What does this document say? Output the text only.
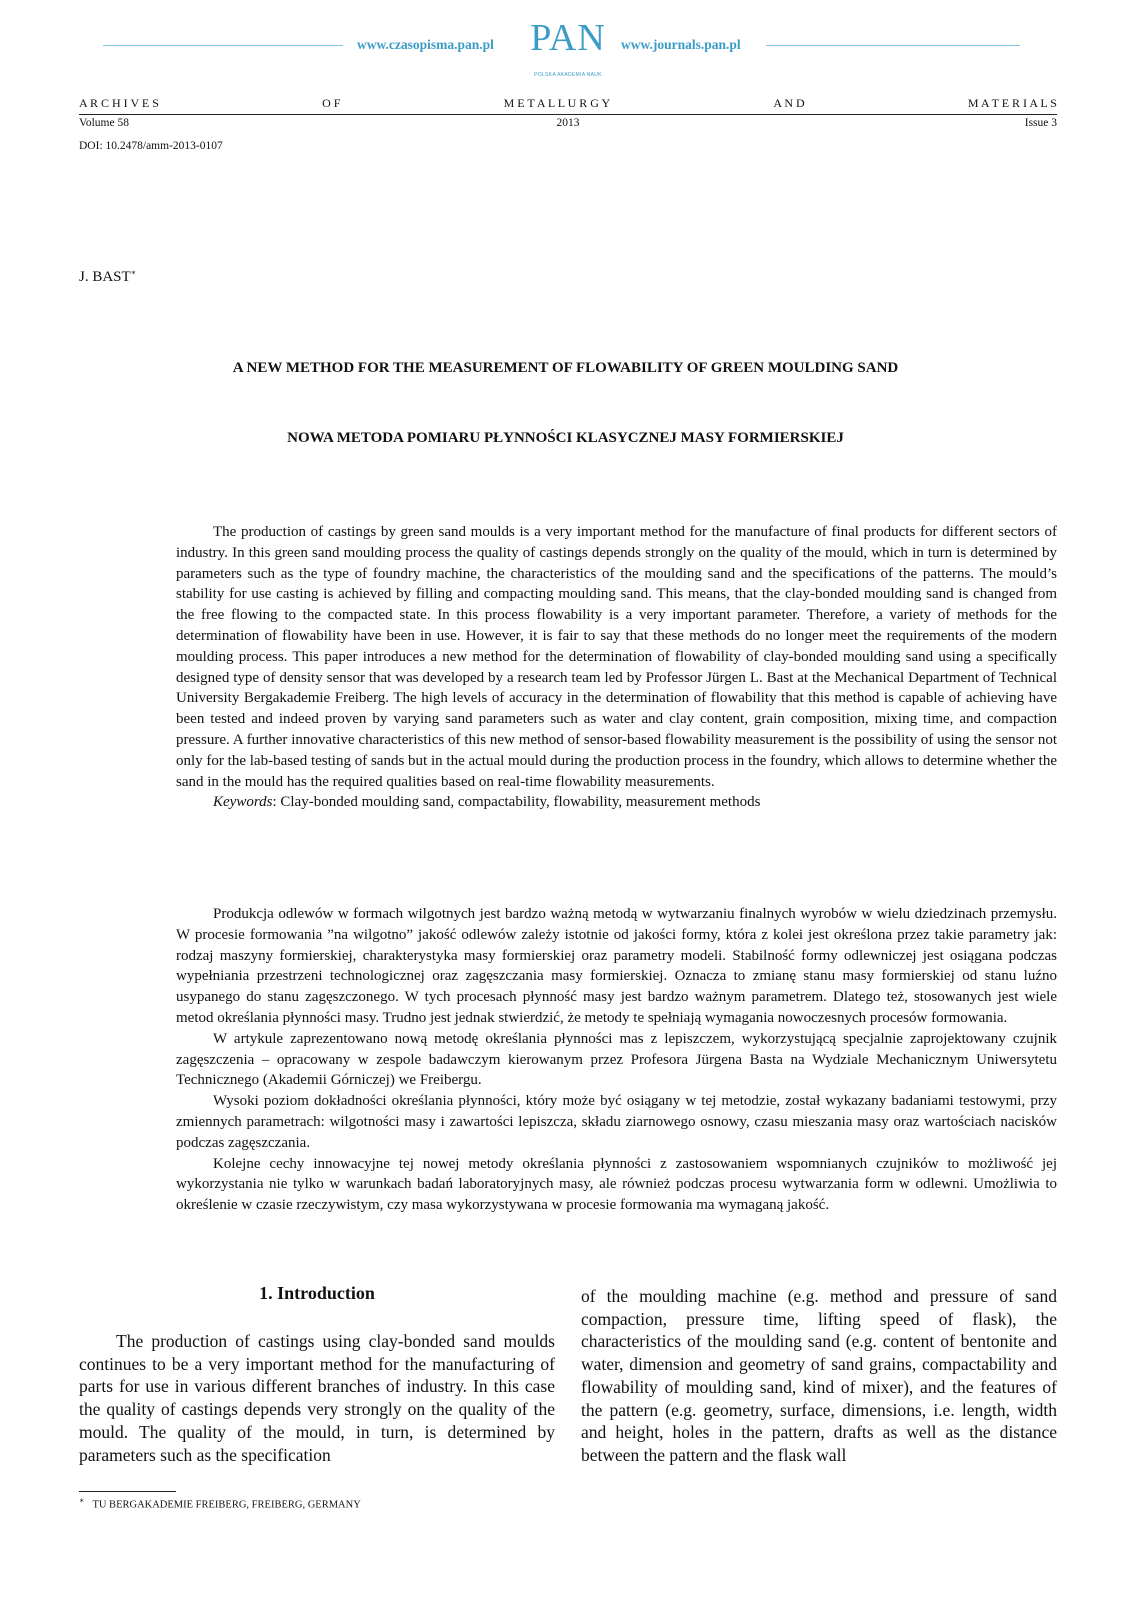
www.czasopisma.pan.pl PAN
POLSKA AKADEMIA NAUK
www.journals.pan.pl
A R C H I V E S	O F	M E T A L L U R G Y	A N D	M A T E R I A L S
Volume 58	2013	Issue 3
DOI: 10.2478/amm-2013-0107
J. BAST∗
A NEW METHOD FOR THE MEASUREMENT OF FLOWABILITY OF GREEN MOULDING SAND
NOWA METODA POMIARU PŁYNNOŚCI KLASYCZNEJ MASY FORMIERSKIEJ

The production of castings by green sand moulds is a very important method for the manufacture of final products for different sectors of industry. In this green sand moulding process the quality of castings depends strongly on the quality of the mould, which in turn is determined by parameters such as the type of foundry machine, the characteristics of the moulding sand and the specifications of the patterns. The mould’s stability for use casting is achieved by filling and compacting moulding sand. This means, that the clay-bonded moulding sand is changed from the free flowing to the compacted state. In this process flowability is a very important parameter. Therefore, a variety of methods for the determination of flowability have been in use. However, it is fair to say that these methods do no longer meet the requirements of the modern moulding process. This paper introduces a new method for the determination of flowability of clay-bonded moulding sand using a specifically designed type of density sensor that was developed by a research team led by Professor Jürgen L. Bast at the Mechanical Department of Technical University Bergakademie Freiberg. The high levels of accuracy in the determination of flowability that this method is capable of achieving have been tested and indeed proven by varying sand parameters such as water and clay content, grain composition, mixing time, and compaction pressure. A further innovative characteristics of this new method of sensor-based flowability measurement is the possibility of using the sensor not only for the lab-based testing of sands but in the actual mould during the production process in the foundry, which allows to determine whether the sand in the mould has the required qualities based on real-time flowability measurements.

Keywords: Clay-bonded moulding sand, compactability, flowability, measurement methods

Produkcja odlewów w formach wilgotnych jest bardzo ważną metodą w wytwarzaniu finalnych wyrobów w wielu dziedzinach przemysłu. W procesie formowania ”na wilgotno” jakość odlewów zależy istotnie od jakości formy, która z kolei jest określona przez takie parametry jak: rodzaj maszyny formierskiej, charakterystyka masy formierskiej oraz parametry modeli. Stabilność formy odlewniczej jest osiągana podczas wypełniania przestrzeni technologicznej oraz zagęszczania masy formierskiej. Oznacza to zmianę stanu masy formierskiej od stanu luźno usypanego do stanu zagęszczonego. W tych procesach płynność masy jest bardzo ważnym parametrem. Dlatego też, stosowanych jest wiele metod określania płynności masy. Trudno jest jednak stwierdzić, że metody te spełniają wymagania nowoczesnych procesów formowania.

W artykule zaprezentowano nową metodę określania płynności mas z lepiszczem, wykorzystującą specjalnie zaprojektowany czujnik zagęszczenia – opracowany w zespole badawczym kierowanym przez Profesora Jürgena Basta na Wydziale Mechanicznym Uniwersytetu Technicznego (Akademii Górniczej) we Freibergu.

Wysoki poziom dokładności określania płynności, który może być osiągany w tej metodzie, został wykazany badaniami testowymi, przy zmiennych parametrach: wilgotności masy i zawartości lepiszcza, składu ziarnowego osnowy, czasu mieszania masy oraz wartościach nacisków podczas zagęszczania.

Kolejne cechy innowacyjne tej nowej metody określania płynności z zastosowaniem wspomnianych czujników to możliwość jej wykorzystania nie tylko w warunkach badań laboratoryjnych masy, ale również podczas procesu wytwarzania form w odlewni. Umożliwia to określenie w czasie rzeczywistym, czy masa wykorzystywana w procesie formowania ma wymaganą jakość.

1. Introduction

The production of castings using clay-bonded sand moulds continues to be a very important method for the manufacturing of parts for use in various different branches of industry. In this case the quality of castings depends very strongly on the quality of the mould. The quality of the mould, in turn, is determined by parameters such as the specification

of the moulding machine (e.g. method and pressure of sand compaction, pressure time, lifting speed of flask), the characteristics of the moulding sand (e.g. content of bentonite and water, dimension and geometry of sand grains, compactability and flowability of moulding sand, kind of mixer), and the features of the pattern (e.g. geometry, surface, dimensions, i.e. length, width and height, holes in the pattern, drafts as well as the distance between the pattern and the flask wall

∗ TU BERGAKADEMIE FREIBERG, FREIBERG, GERMANY
